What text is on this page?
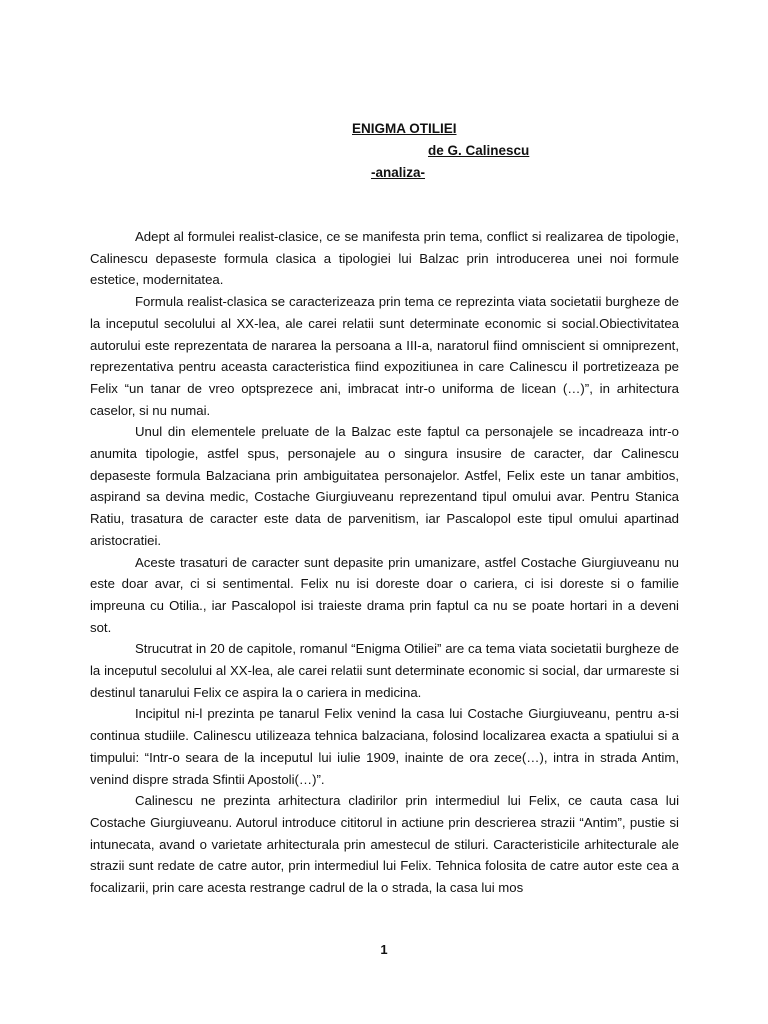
ENIGMA OTILIEI
de G. Calinescu
-analiza-

Adept al formulei realist-clasice, ce se manifesta prin tema, conflict si realizarea de tipologie, Calinescu depaseste formula clasica a tipologiei lui Balzac prin introducerea unei noi formule estetice, modernitatea.

Formula realist-clasica se caracterizeaza prin tema ce reprezinta viata societatii burgheze de la inceputul secolului al XX-lea, ale carei relatii sunt determinate economic si social.Obiectivitatea autorului este reprezentata de nararea la persoana a III-a, naratorul fiind omniscient si omniprezent, reprezentativa pentru aceasta caracteristica fiind expozitiunea in care Calinescu il portretizeaza pe Felix “un tanar de vreo optsprezece ani, imbracat intr-o uniforma de licean (…)”, in arhitectura caselor, si nu numai.

Unul din elementele preluate de la Balzac este faptul ca personajele se incadreaza intr-o anumita tipologie, astfel spus, personajele au o singura insusire de caracter, dar Calinescu depaseste formula Balzaciana prin ambiguitatea personajelor. Astfel, Felix este un tanar ambitios, aspirand sa devina medic, Costache Giurgiuveanu reprezentand tipul omului avar. Pentru Stanica Ratiu, trasatura de caracter este data de parvenitism, iar Pascalopol este tipul omului apartinad aristocratiei.

Aceste trasaturi de caracter sunt depasite prin umanizare, astfel Costache Giurgiuveanu nu este doar avar, ci si sentimental. Felix nu isi doreste doar o cariera, ci isi doreste si o familie impreuna cu Otilia., iar Pascalopol isi traieste drama prin faptul ca nu se poate hortari in a deveni sot.

Strucutrat in 20 de capitole, romanul “Enigma Otiliei” are ca tema viata societatii burgheze de la inceputul secolului al XX-lea, ale carei relatii sunt determinate economic si social, dar urmareste si destinul tanarului Felix ce aspira la o cariera in medicina.

Incipitul ni-l prezinta pe tanarul Felix venind la casa lui Costache Giurgiuveanu, pentru a-si continua studiile. Calinescu utilizeaza tehnica balzaciana, folosind localizarea exacta a spatiului si a timpului: “Intr-o seara de la inceputul lui iulie 1909, inainte de ora zece(…), intra in strada Antim, venind dispre strada Sfintii Apostoli(…)”.

Calinescu ne prezinta arhitectura cladirilor prin intermediul lui Felix, ce cauta casa lui Costache Giurgiuveanu. Autorul introduce cititorul in actiune prin descrierea strazii “Antim”, pustie si intunecata, avand o varietate arhitecturala prin amestecul de stiluri. Caracteristicile arhitecturale ale strazii sunt redate de catre autor, prin intermediul lui Felix. Tehnica folosita de catre autor este cea a focalizarii, prin care acesta restrange cadrul de la o strada, la casa lui mos

1
